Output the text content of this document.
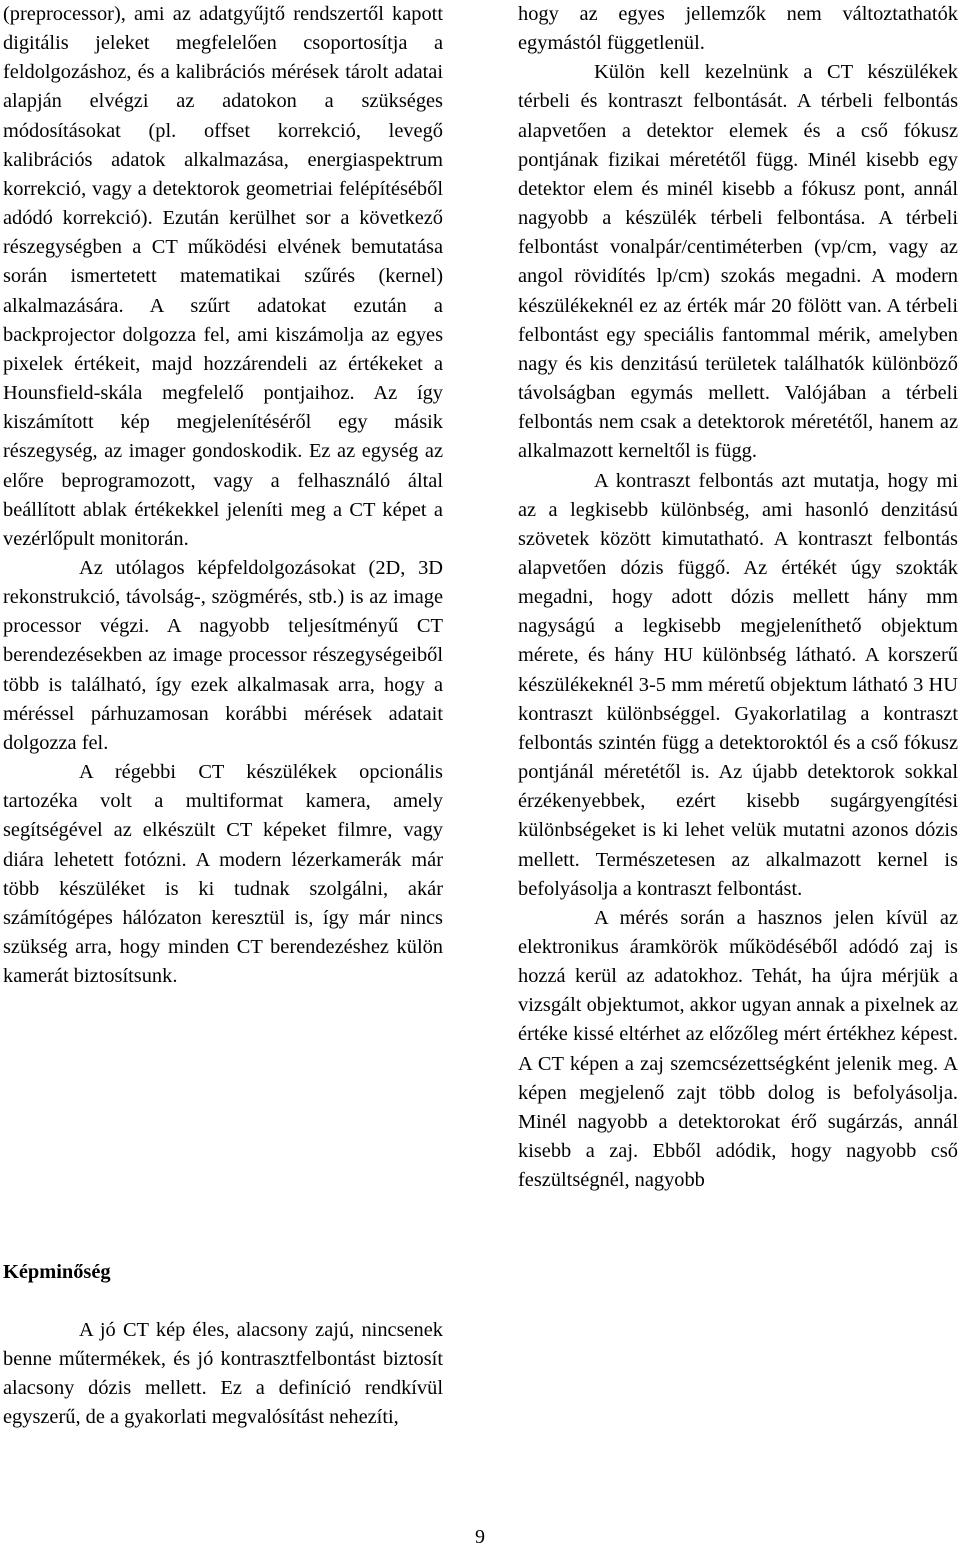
(preprocessor), ami az adatgyűjtő rendszertől kapott digitális jeleket megfelelően csoportosítja a feldolgozáshoz, és a kalibrációs mérések tárolt adatai alapján elvégzi az adatokon a szükséges módosításokat (pl. offset korrekció, levegő kalibrációs adatok alkalmazása, energiaspektrum korrekció, vagy a detektorok geometriai felépítéséből adódó korrekció). Ezután kerülhet sor a következő részegységben a CT működési elvének bemutatása során ismertetett matematikai szűrés (kernel) alkalmazására. A szűrt adatokat ezután a backprojector dolgozza fel, ami kiszámolja az egyes pixelek értékeit, majd hozzárendeli az értékeket a Hounsfield-skála megfelelő pontjaihoz. Az így kiszámított kép megjelenítéséről egy másik részegység, az imager gondoskodik. Ez az egység az előre beprogramozott, vagy a felhasználó által beállított ablak értékekkel jeleníti meg a CT képet a vezérlőpult monitorán.

Az utólagos képfeldolgozásokat (2D, 3D rekonstrukció, távolság-, szögmérés, stb.) is az image processor végzi. A nagyobb teljesítményű CT berendezésekben az image processor részegységeiből több is található, így ezek alkalmasak arra, hogy a méréssel párhuzamosan korábbi mérések adatait dolgozza fel.

A régebbi CT készülékek opcionális tartozéka volt a multiformat kamera, amely segítségével az elkészült CT képeket filmre, vagy diára lehetett fotózni. A modern lézerkamerák már több készüléket is ki tudnak szolgálni, akár számítógépes hálózaton keresztül is, így már nincs szükség arra, hogy minden CT berendezéshez külön kamerát biztosítsunk.

Képminőség

A jó CT kép éles, alacsony zajú, nincsenek benne műtermékek, és jó kontrasztfelbontást biztosít alacsony dózis mellett. Ez a definíció rendkívül egyszerű, de a gyakorlati megvalósítást nehezíti,

hogy az egyes jellemzők nem változtathatók egymástól függetlenül.

Külön kell kezelnünk a CT készülékek térbeli és kontraszt felbontását. A térbeli felbontás alapvetően a detektor elemek és a cső fókusz pontjának fizikai méretétől függ. Minél kisebb egy detektor elem és minél kisebb a fókusz pont, annál nagyobb a készülék térbeli felbontása. A térbeli felbontást vonalpár/centiméterben (vp/cm, vagy az angol rövidítés lp/cm) szokás megadni. A modern készülékeknél ez az érték már 20 fölött van. A térbeli felbontást egy speciális fantommal mérik, amelyben nagy és kis denzitású területek találhatók különböző távolságban egymás mellett. Valójában a térbeli felbontás nem csak a detektorok méretétől, hanem az alkalmazott kerneltől is függ.

A kontraszt felbontás azt mutatja, hogy mi az a legkisebb különbség, ami hasonló denzitású szövetek között kimutatható. A kontraszt felbontás alapvetően dózis függő. Az értékét úgy szokták megadni, hogy adott dózis mellett hány mm nagyságú a legkisebb megjeleníthető objektum mérete, és hány HU különbség látható. A korszerű készülékeknél 3-5 mm méretű objektum látható 3 HU kontraszt különbséggel. Gyakorlatilag a kontraszt felbontás szintén függ a detektoroktól és a cső fókusz pontjánál méretétől is. Az újabb detektorok sokkal érzékenyebbek, ezért kisebb sugárgyengítési különbségeket is ki lehet velük mutatni azonos dózis mellett. Természetesen az alkalmazott kernel is befolyásolja a kontraszt felbontást.

A mérés során a hasznos jelen kívül az elektronikus áramkörök működéséből adódó zaj is hozzá kerül az adatokhoz. Tehát, ha újra mérjük a vizsgált objektumot, akkor ugyan annak a pixelnek az értéke kissé eltérhet az előzőleg mért értékhez képest. A CT képen a zaj szemcsézettségként jelenik meg. A képen megjelenő zajt több dolog is befolyásolja. Minél nagyobb a detektorokat érő sugárzás, annál kisebb a zaj. Ebből adódik, hogy nagyobb cső feszültségnél, nagyobb

9
